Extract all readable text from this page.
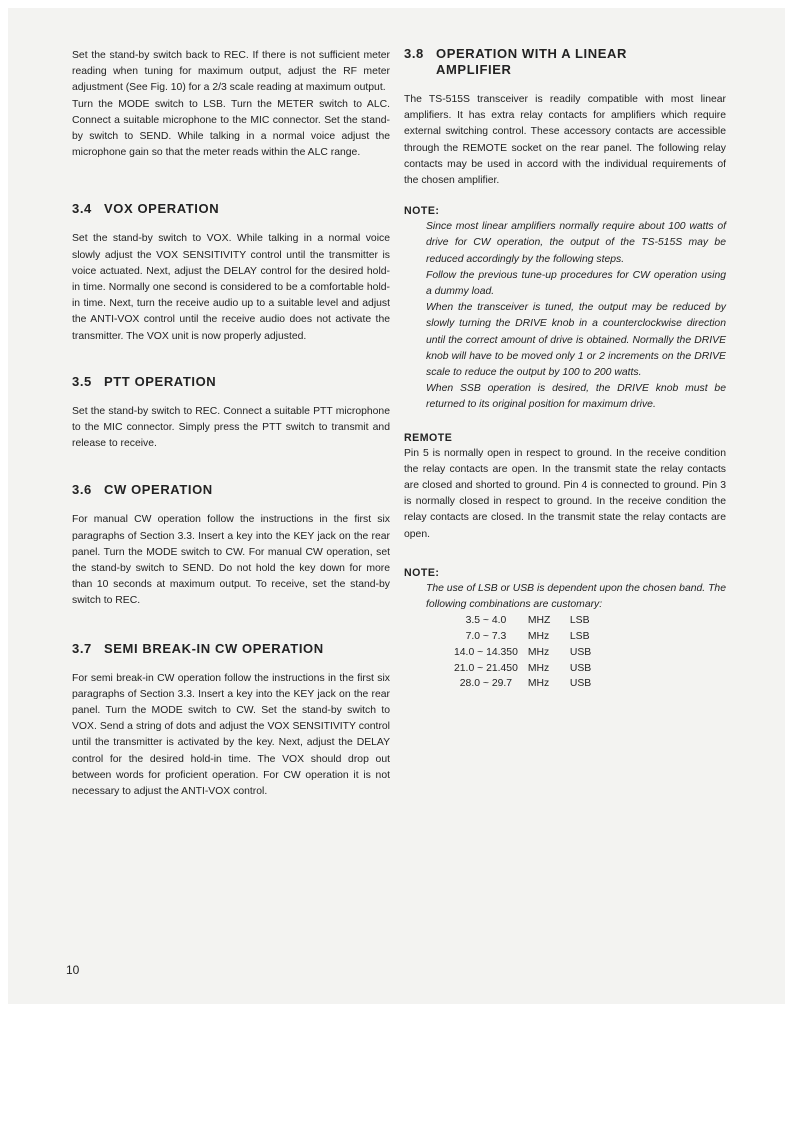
Set the stand-by switch back to REC. If there is not sufficient meter reading when tuning for maximum output, adjust the RF meter adjustment (See Fig. 10) for a 2/3 scale reading at maximum output.

Turn the MODE switch to LSB. Turn the METER switch to ALC. Connect a suitable microphone to the MIC connector. Set the stand-by switch to SEND. While talking in a normal voice adjust the microphone gain so that the meter reads within the ALC range.

3.4 VOX OPERATION

Set the stand-by switch to VOX. While talking in a normal voice slowly adjust the VOX SENSITIVITY control until the transmitter is voice actuated. Next, adjust the DELAY control for the desired hold-in time. Normally one second is considered to be a comfortable hold-in time. Next, turn the receive audio up to a suitable level and adjust the ANTI-VOX control until the receive audio does not activate the transmitter. The VOX unit is now properly adjusted.

3.5 PTT OPERATION

Set the stand-by switch to REC. Connect a suitable PTT microphone to the MIC connector. Simply press the PTT switch to transmit and release to receive.

3.6 CW OPERATION

For manual CW operation follow the instructions in the first six paragraphs of Section 3.3. Insert a key into the KEY jack on the rear panel. Turn the MODE switch to CW. For manual CW operation, set the stand-by switch to SEND. Do not hold the key down for more than 10 seconds at maximum output. To receive, set the stand-by switch to REC.

3.7 SEMI BREAK-IN CW OPERATION

For semi break-in CW operation follow the instructions in the first six paragraphs of Section 3.3. Insert a key into the KEY jack on the rear panel. Turn the MODE switch to CW. Set the stand-by switch to VOX. Send a string of dots and adjust the VOX SENSITIVITY control until the transmitter is activated by the key. Next, adjust the DELAY control for the desired hold-in time. The VOX should drop out between words for proficient operation. For CW operation it is not necessary to adjust the ANTI-VOX control.

3.8 OPERATION WITH A LINEAR
AMPLIFIER

The TS-515S transceiver is readily compatible with most linear amplifiers. It has extra relay contacts for amplifiers which require external switching control. These accessory contacts are accessible through the REMOTE socket on the rear panel. The following relay contacts may be used in accord with the individual requirements of the chosen amplifier.

NOTE:

Since most linear amplifiers normally require about 100 watts of drive for CW operation, the output of the TS-515S may be reduced accordingly by the following steps.

Follow the previous tune-up procedures for CW operation using a dummy load.

When the transceiver is tuned, the output may be reduced by slowly turning the DRIVE knob in a counterclockwise direction until the correct amount of drive is obtained. Normally the DRIVE knob will have to be moved only 1 or 2 increments on the DRIVE scale to reduce the output by 100 to 200 watts.

When SSB operation is desired, the DRIVE knob must be returned to its original position for maximum drive.

REMOTE

Pin 5 is normally open in respect to ground. In the receive condition the relay contacts are open. In the transmit state the relay contacts are closed and shorted to ground. Pin 4 is connected to ground. Pin 3 is normally closed in respect to ground. In the receive condition the relay contacts are closed. In the transmit state the relay contacts are open.

NOTE:

The use of LSB or USB is dependent upon the chosen band. The following combinations are customary:

3.5 ~ 4.0	MHZ	LSB
7.0 ~ 7.3	MHz	LSB
14.0 ~ 14.350	MHz	USB
21.0 ~ 21.450	MHz	USB
28.0 ~ 29.7	MHz	USB
10
